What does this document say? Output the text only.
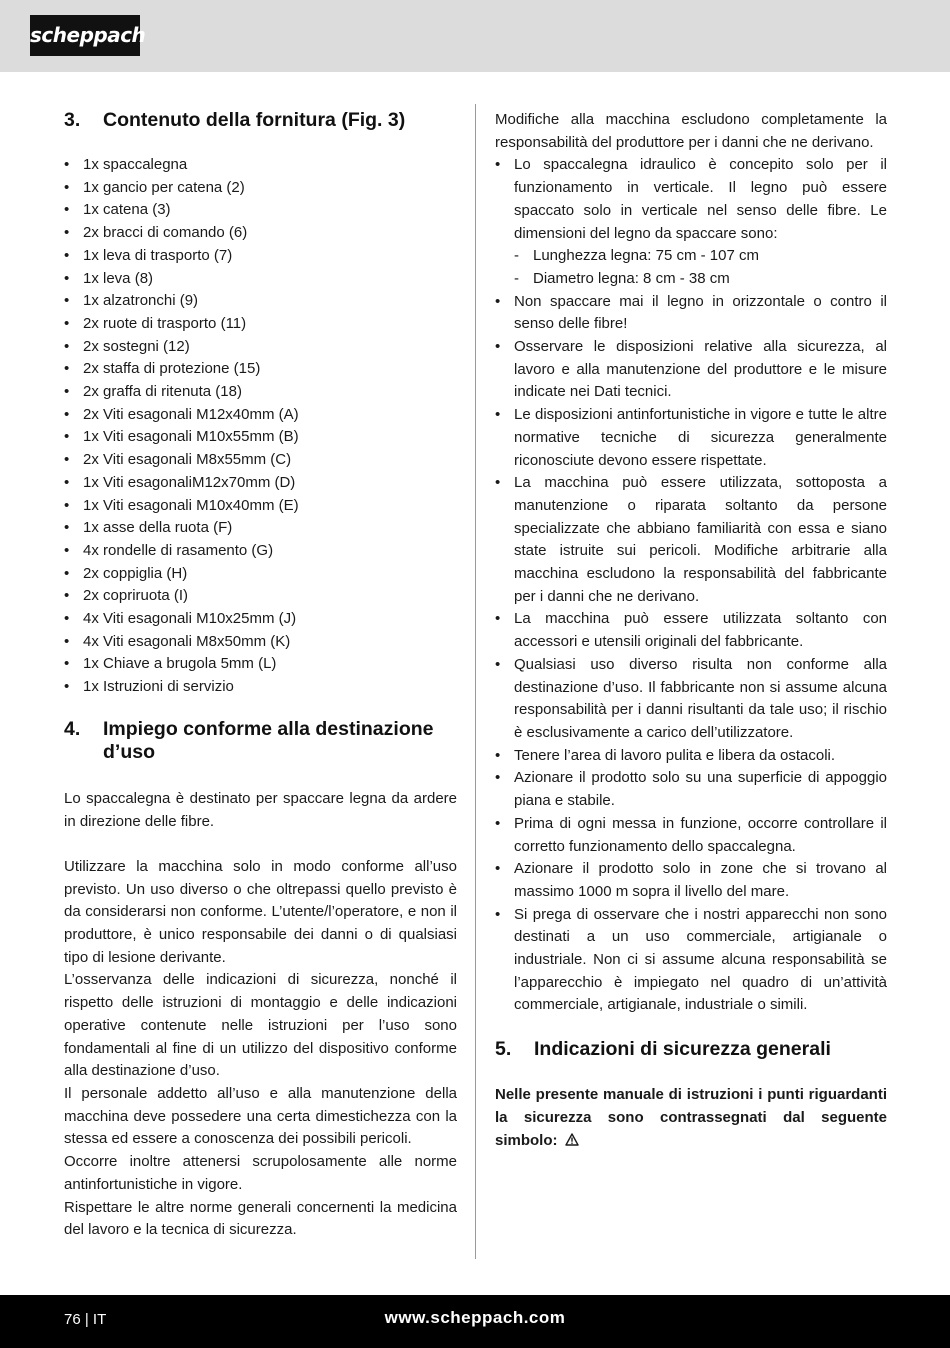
scheppach
3.	Contenuto della fornitura (Fig. 3)
• 1x spaccalegna
• 1x gancio per catena (2)
• 1x catena (3)
• 2x bracci di comando (6)
• 1x leva di trasporto (7)
• 1x leva (8)
• 1x alzatronchi (9)
• 2x ruote di trasporto (11)
• 2x sostegni (12)
• 2x staffa di protezione (15)
• 2x graffa di ritenuta (18)
• 2x Viti esagonali M12x40mm (A)
• 1x Viti esagonali M10x55mm (B)
• 2x Viti esagonali M8x55mm (C)
• 1x Viti esagonaliM12x70mm (D)
• 1x Viti esagonali M10x40mm (E)
• 1x asse della ruota (F)
• 4x rondelle di rasamento (G)
• 2x coppiglia (H)
• 2x copriruota (I)
• 4x Viti esagonali M10x25mm (J)
• 4x Viti esagonali M8x50mm (K)
• 1x Chiave a brugola 5mm (L)
• 1x Istruzioni di servizio
4.	Impiego conforme alla destinazione d’uso

Lo spaccalegna è destinato per spaccare legna da ardere in direzione delle fibre.

Utilizzare la macchina solo in modo conforme all’uso previsto. Un uso diverso o che oltrepassi quello previsto è da considerarsi non conforme. L’utente/l’operatore, e non il produttore, è unico responsabile dei danni o di qualsiasi tipo di lesione derivante.

L’osservanza delle indicazioni di sicurezza, nonché il rispetto delle istruzioni di montaggio e delle indicazioni operative contenute nelle istruzioni per l’uso sono fondamentali al fine di un utilizzo del dispositivo conforme alla destinazione d’uso.

Il personale addetto all’uso e alla manutenzione della macchina deve possedere una certa dimestichezza con la stessa ed essere a conoscenza dei possibili pericoli.

Occorre inoltre attenersi scrupolosamente alle norme antinfortunistiche in vigore.

Rispettare le altre norme generali concernenti la medicina del lavoro e la tecnica di sicurezza.

Modifiche alla macchina escludono completamente la responsabilità del produttore per i danni che ne derivano.

• Lo spaccalegna idraulico è concepito solo per il funzionamento in verticale. Il legno può essere spaccato solo in verticale nel senso delle fibre. Le dimensioni del legno da spaccare sono:
- Lunghezza legna: 75 cm - 107 cm
- Diametro legna: 8 cm - 38 cm
• Non spaccare mai il legno in orizzontale o contro il senso delle fibre!
• Osservare le disposizioni relative alla sicurezza, al lavoro e alla manutenzione del produttore e le misure indicate nei Dati tecnici.
• Le disposizioni antinfortunistiche in vigore e tutte le altre normative tecniche di sicurezza generalmente riconosciute devono essere rispettate.
• La macchina può essere utilizzata, sottoposta a manutenzione o riparata soltanto da persone specializzate che abbiano familiarità con essa e siano state istruite sui pericoli. Modifiche arbitrarie alla macchina escludono la responsabilità del fabbricante per i danni che ne derivano.
• La macchina può essere utilizzata soltanto con accessori e utensili originali del fabbricante.
• Qualsiasi uso diverso risulta non conforme alla destinazione d’uso. Il fabbricante non si assume alcuna responsabilità per i danni risultanti da tale uso; il rischio è esclusivamente a carico dell’utilizzatore.
• Tenere l’area di lavoro pulita e libera da ostacoli.
• Azionare il prodotto solo su una superficie di appoggio piana e stabile.
• Prima di ogni messa in funzione, occorre controllare il corretto funzionamento dello spaccalegna.
• Azionare il prodotto solo in zone che si trovano al massimo 1000 m sopra il livello del mare.
• Si prega di osservare che i nostri apparecchi non sono destinati a un uso commerciale, artigianale o industriale. Non ci si assume alcuna responsabilità se l’apparecchio è impiegato nel quadro di un’attività commerciale, artigianale, industriale o simili.
5.	Indicazioni di sicurezza generali

Nelle presente manuale di istruzioni i punti riguardanti la sicurezza sono contrassegnati dal seguente simbolo:

76 | IT	www.scheppach.com
